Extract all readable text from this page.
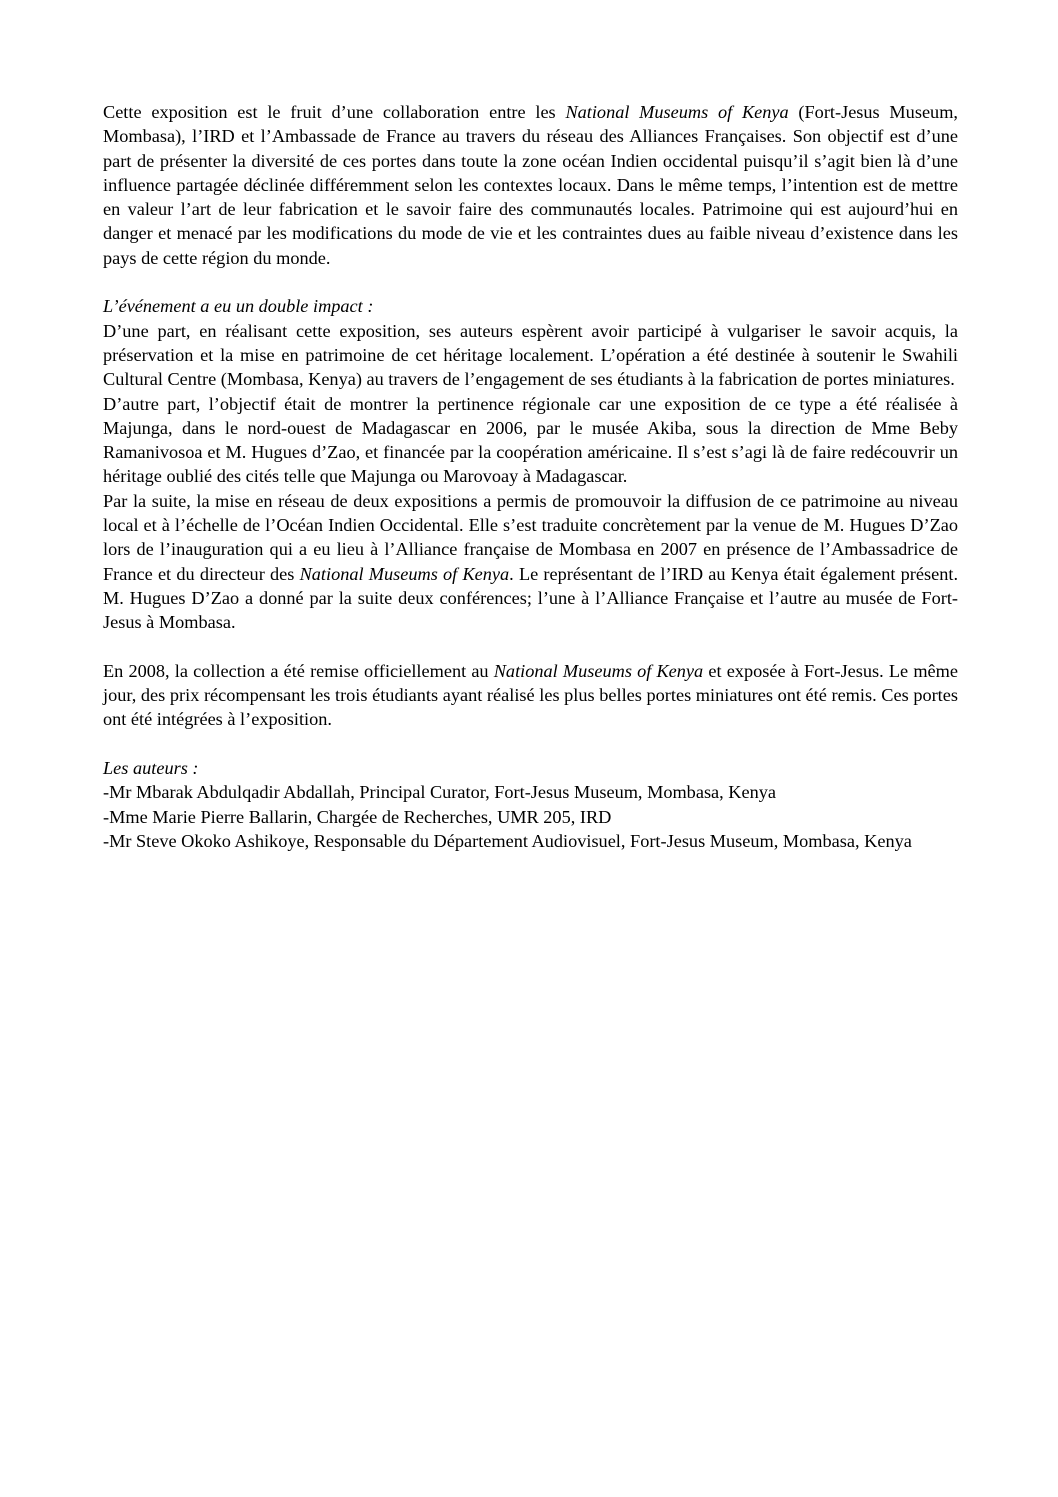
Cette exposition est le fruit d’une collaboration entre les National Museums of Kenya (Fort-Jesus Museum, Mombasa), l’IRD et l’Ambassade de France au travers du réseau des Alliances Françaises. Son objectif est d’une part de présenter la diversité de ces portes dans toute la zone océan Indien occidental puisqu’il s’agit bien là d’une influence partagée déclinée différemment selon les contextes locaux. Dans le même temps, l’intention est de mettre en valeur l’art de leur fabrication et le savoir faire des communautés locales. Patrimoine qui est aujourd’hui en danger et menacé par les modifications du mode de vie et les contraintes dues au faible niveau d’existence dans les pays de cette région du monde.

L’événement a eu un double impact :

D’une part, en réalisant cette exposition, ses auteurs espèrent avoir participé à vulgariser le savoir acquis, la préservation et la mise en patrimoine de cet héritage localement. L’opération a été destinée à soutenir le Swahili Cultural Centre (Mombasa, Kenya) au travers de l’engagement de ses étudiants à la fabrication de portes miniatures.

D’autre part, l’objectif était de montrer la pertinence régionale car une exposition de ce type a été réalisée à Majunga, dans le nord-ouest de Madagascar en 2006, par le musée Akiba, sous la direction de Mme Beby Ramanivosoa et M. Hugues d’Zao, et financée par la coopération américaine. Il s’est s’agi là de faire redécouvrir un héritage oublié des cités telle que Majunga ou Marovoay à Madagascar.

Par la suite, la mise en réseau de deux expositions a permis de promouvoir la diffusion de ce patrimoine au niveau local et à l’échelle de l’Océan Indien Occidental. Elle s’est traduite concrètement par la venue de M. Hugues D’Zao lors de l’inauguration qui a eu lieu à l’Alliance française de Mombasa en 2007 en présence de l’Ambassadrice de France et du directeur des National Museums of Kenya. Le représentant de l’IRD au Kenya était également présent. M. Hugues D’Zao a donné par la suite deux conférences; l’une à l’Alliance Française et l’autre au musée de Fort-Jesus à Mombasa.

En 2008, la collection a été remise officiellement au National Museums of Kenya et exposée à Fort-Jesus. Le même jour, des prix récompensant les trois étudiants ayant réalisé les plus belles portes miniatures ont été remis. Ces portes ont été intégrées à l’exposition.

Les auteurs :

-Mr Mbarak Abdulqadir Abdallah, Principal Curator, Fort-Jesus Museum, Mombasa, Kenya

-Mme Marie Pierre Ballarin, Chargée de Recherches, UMR 205, IRD

-Mr Steve Okoko Ashikoye, Responsable du Département Audiovisuel, Fort-Jesus Museum, Mombasa, Kenya
